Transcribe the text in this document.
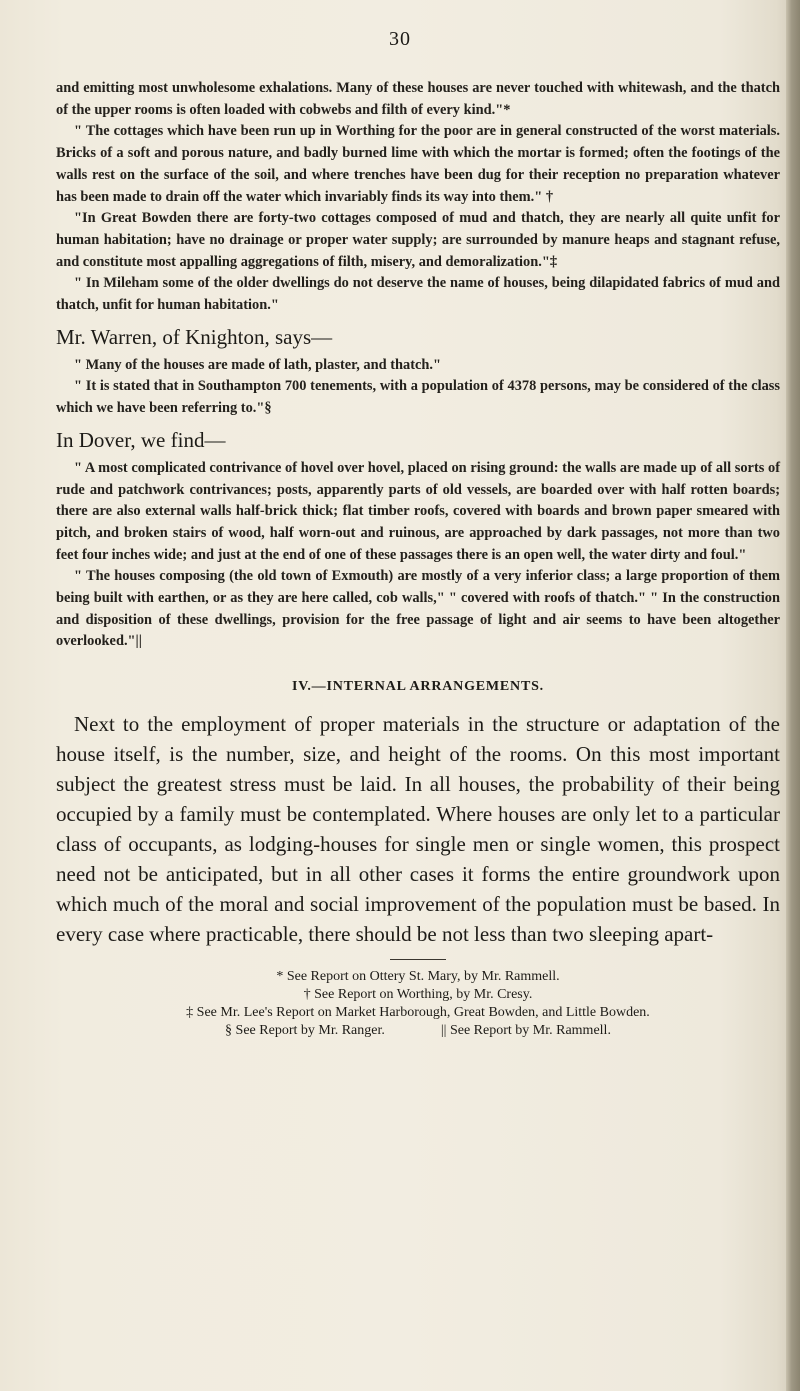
30

and emitting most unwholesome exhalations. Many of these houses are never touched with whitewash, and the thatch of the upper rooms is often loaded with cobwebs and filth of every kind."*

" The cottages which have been run up in Worthing for the poor are in general constructed of the worst materials. Bricks of a soft and porous nature, and badly burned lime with which the mortar is formed; often the footings of the walls rest on the surface of the soil, and where trenches have been dug for their reception no preparation whatever has been made to drain off the water which invariably finds its way into them." †

"In Great Bowden there are forty-two cottages composed of mud and thatch, they are nearly all quite unfit for human habitation; have no drainage or proper water supply; are surrounded by manure heaps and stagnant refuse, and constitute most appalling aggregations of filth, misery, and demoralization."‡

" In Mileham some of the older dwellings do not deserve the name of houses, being dilapidated fabrics of mud and thatch, unfit for human habitation."

Mr. Warren, of Knighton, says—

" Many of the houses are made of lath, plaster, and thatch."

" It is stated that in Southampton 700 tenements, with a population of 4378 persons, may be considered of the class which we have been referring to."§

In Dover, we find—

" A most complicated contrivance of hovel over hovel, placed on rising ground: the walls are made up of all sorts of rude and patchwork contrivances; posts, apparently parts of old vessels, are boarded over with half rotten boards; there are also external walls half-brick thick; flat timber roofs, covered with boards and brown paper smeared with pitch, and broken stairs of wood, half worn-out and ruinous, are approached by dark passages, not more than two feet four inches wide; and just at the end of one of these passages there is an open well, the water dirty and foul."

" The houses composing (the old town of Exmouth) are mostly of a very inferior class; a large proportion of them being built with earthen, or as they are here called, cob walls," " covered with roofs of thatch." " In the construction and disposition of these dwellings, provision for the free passage of light and air seems to have been altogether overlooked."||

IV.—INTERNAL ARRANGEMENTS.

Next to the employment of proper materials in the structure or adaptation of the house itself, is the number, size, and height of the rooms. On this most important subject the greatest stress must be laid. In all houses, the probability of their being occupied by a family must be contemplated. Where houses are only let to a particular class of occupants, as lodging-houses for single men or single women, this prospect need not be anticipated, but in all other cases it forms the entire groundwork upon which much of the moral and social improvement of the population must be based. In every case where practicable, there should be not less than two sleeping apart-

* See Report on Ottery St. Mary, by Mr. Rammell.

† See Report on Worthing, by Mr. Cresy.

‡ See Mr. Lee's Report on Market Harborough, Great Bowden, and Little Bowden.

§ See Report by Mr. Ranger.	|| See Report by Mr. Rammell.
